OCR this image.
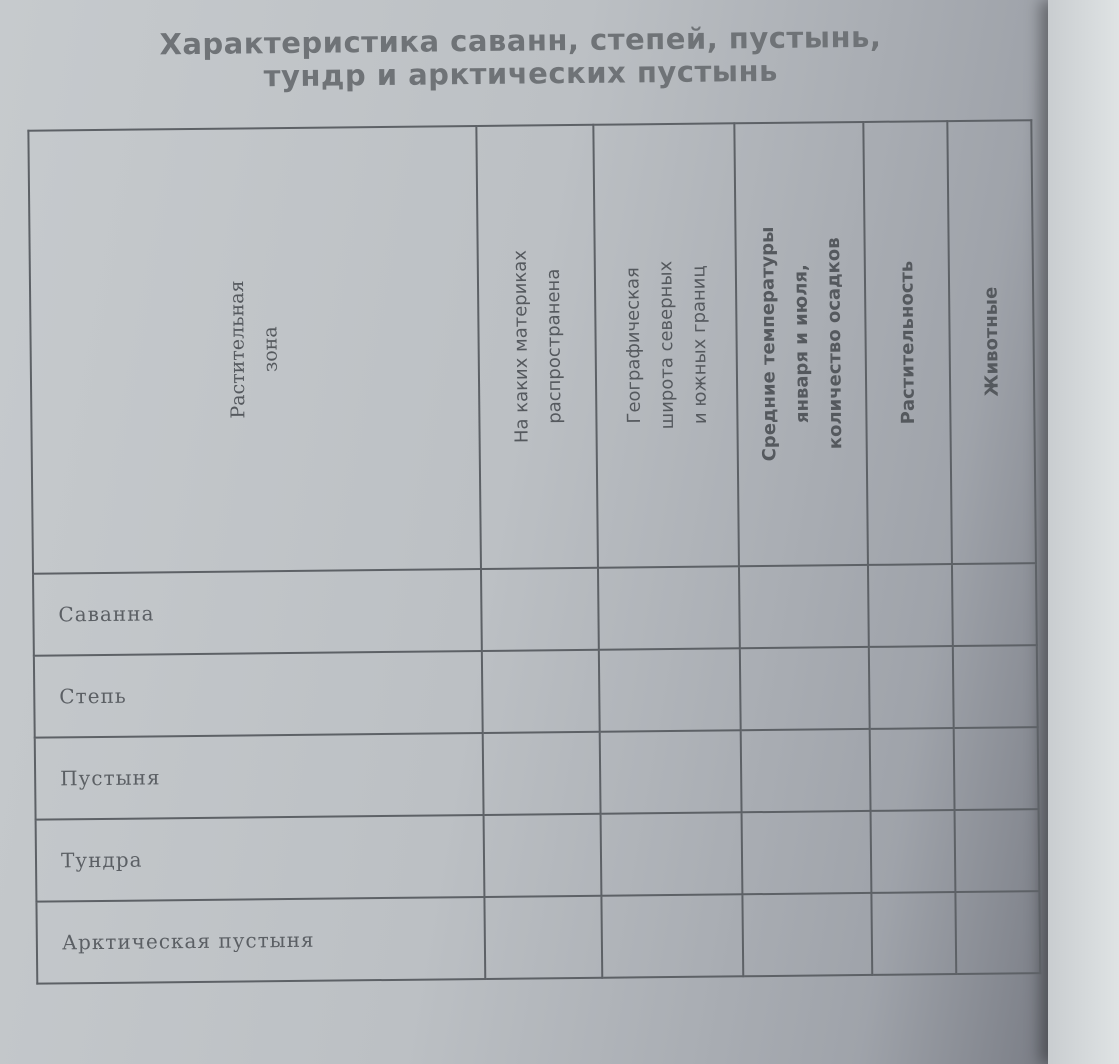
Характеристика саванн, степей, пустынь,
тундр и арктических пустынь
Растительная
зона	На каких материках
распространена	Географическая
широта северных
и южных границ	Средние температуры
января и июля,
количество осадков	Растительность	Животные

Саванна					
Степь					
Пустыня					
Тундра					
Арктическая пустыня					
